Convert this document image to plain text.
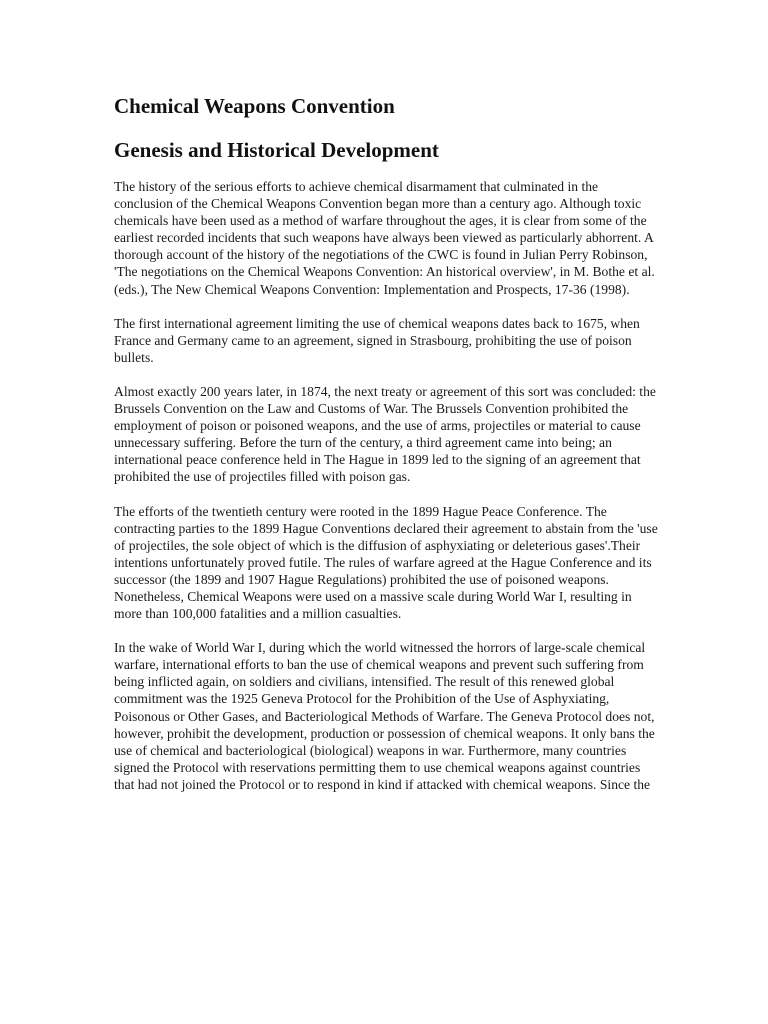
Chemical Weapons Convention
Genesis and Historical Development

The history of the serious efforts to achieve chemical disarmament that culminated in the conclusion of the Chemical Weapons Convention began more than a century ago. Although toxic chemicals have been used as a method of warfare throughout the ages, it is clear from some of the earliest recorded incidents that such weapons have always been viewed as particularly abhorrent. A thorough account of the history of the negotiations of the CWC is found in Julian Perry Robinson, 'The negotiations on the Chemical Weapons Convention: An historical overview', in M. Bothe et al. (eds.), The New Chemical Weapons Convention: Implementation and Prospects, 17-36 (1998).

The first international agreement limiting the use of chemical weapons dates back to 1675, when France and Germany came to an agreement, signed in Strasbourg, prohibiting the use of poison bullets.

Almost exactly 200 years later, in 1874, the next treaty or agreement of this sort was concluded: the Brussels Convention on the Law and Customs of War. The Brussels Convention prohibited the employment of poison or poisoned weapons, and the use of arms, projectiles or material to cause unnecessary suffering. Before the turn of the century, a third agreement came into being; an international peace conference held in The Hague in 1899 led to the signing of an agreement that prohibited the use of projectiles filled with poison gas.

The efforts of the twentieth century were rooted in the 1899 Hague Peace Conference. The contracting parties to the 1899 Hague Conventions declared their agreement to abstain from the 'use of projectiles, the sole object of which is the diffusion of asphyxiating or deleterious gases'.Their intentions unfortunately proved futile. The rules of warfare agreed at the Hague Conference and its successor (the 1899 and 1907 Hague Regulations) prohibited the use of poisoned weapons. Nonetheless, Chemical Weapons were used on a massive scale during World War I, resulting in more than 100,000 fatalities and a million casualties.

In the wake of World War I, during which the world witnessed the horrors of large-scale chemical warfare, international efforts to ban the use of chemical weapons and prevent such suffering from being inflicted again, on soldiers and civilians, intensified. The result of this renewed global commitment was the 1925 Geneva Protocol for the Prohibition of the Use of Asphyxiating, Poisonous or Other Gases, and Bacteriological Methods of Warfare. The Geneva Protocol does not, however, prohibit the development, production or possession of chemical weapons. It only bans the use of chemical and bacteriological (biological) weapons in war. Furthermore, many countries signed the Protocol with reservations permitting them to use chemical weapons against countries that had not joined the Protocol or to respond in kind if attacked with chemical weapons. Since the
